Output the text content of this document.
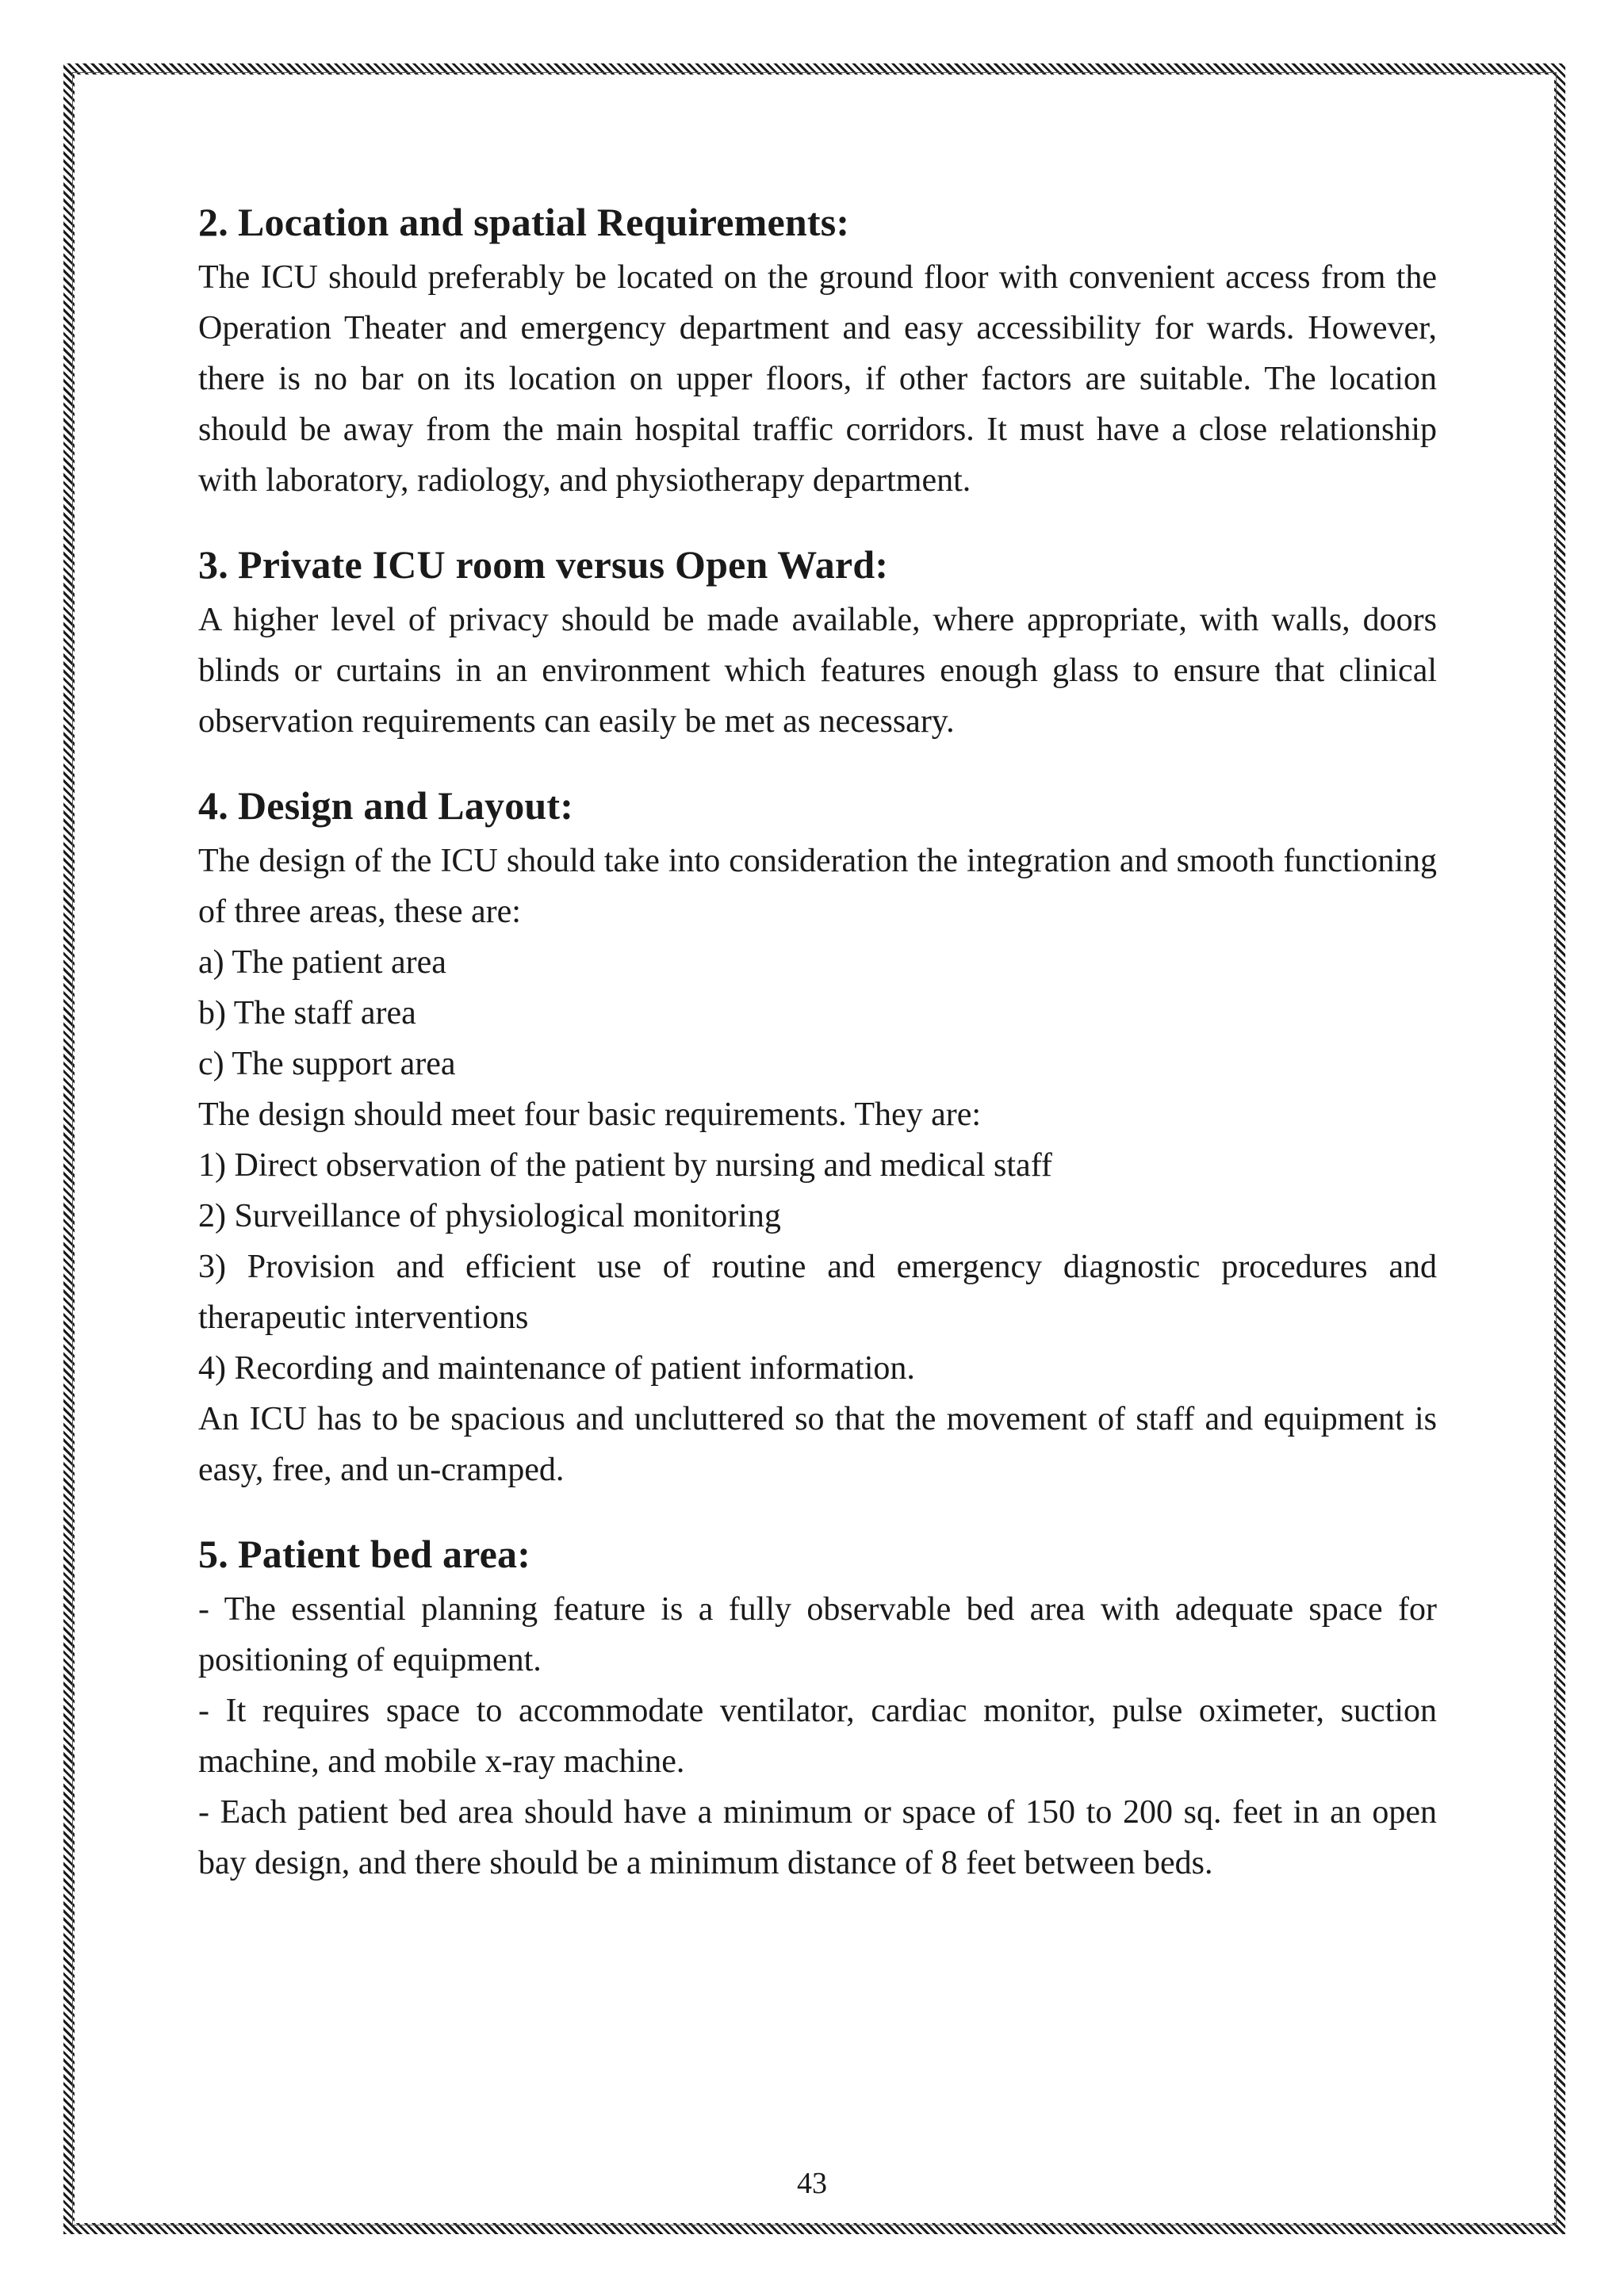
2. Location and spatial Requirements:

The ICU should preferably be located on the ground floor with convenient access from the Operation Theater and emergency department and easy accessibility for wards. However, there is no bar on its location on upper floors, if other factors are suitable. The location should be away from the main hospital traffic corridors. It must have a close relationship with laboratory, radiology, and physiotherapy department.

3. Private ICU room versus Open Ward:

A higher level of privacy should be made available, where appropriate, with walls, doors blinds or curtains in an environment which features enough glass to ensure that clinical observation requirements can easily be met as necessary.

4. Design and Layout:

The design of the ICU should take into consideration the integration and smooth functioning of three areas, these are:

a) The patient area
b) The staff area
c) The support area

The design should meet four basic requirements. They are:

1) Direct observation of the patient by nursing and medical staff
2) Surveillance of physiological monitoring

3) Provision and efficient use of routine and emergency diagnostic procedures and therapeutic interventions

4) Recording and maintenance of patient information.

An ICU has to be spacious and uncluttered so that the movement of staff and equipment is easy, free, and un-cramped.

5. Patient bed area:

- The essential planning feature is a fully observable bed area with adequate space for positioning of equipment.

- It requires space to accommodate ventilator, cardiac monitor, pulse oximeter, suction machine, and mobile x-ray machine.

- Each patient bed area should have a minimum or space of 150 to 200 sq. feet in an open bay design, and there should be a minimum distance of 8 feet between beds.

43
